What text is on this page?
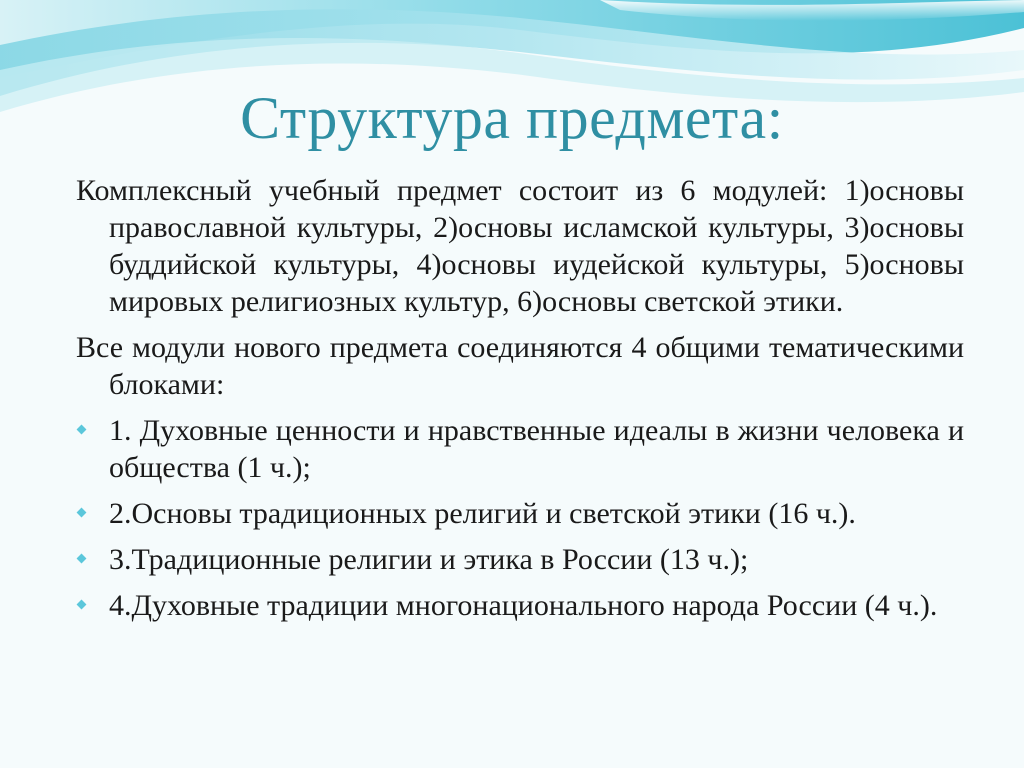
Структура предмета:

Комплексный учебный предмет состоит из 6 модулей: 1)основы православной культуры, 2)основы исламской культуры, 3)основы буддийской культуры, 4)основы иудейской культуры, 5)основы мировых религиозных культур, 6)основы светской этики.

Все модули нового предмета соединяются 4 общими тематическими блоками:

1. Духовные ценности и нравственные идеалы в жизни человека и общества (1 ч.);
2.Основы традиционных религий и светской этики (16 ч.).
3.Традиционные религии и этика в России (13 ч.);
4.Духовные традиции многонационального народа России (4 ч.).
